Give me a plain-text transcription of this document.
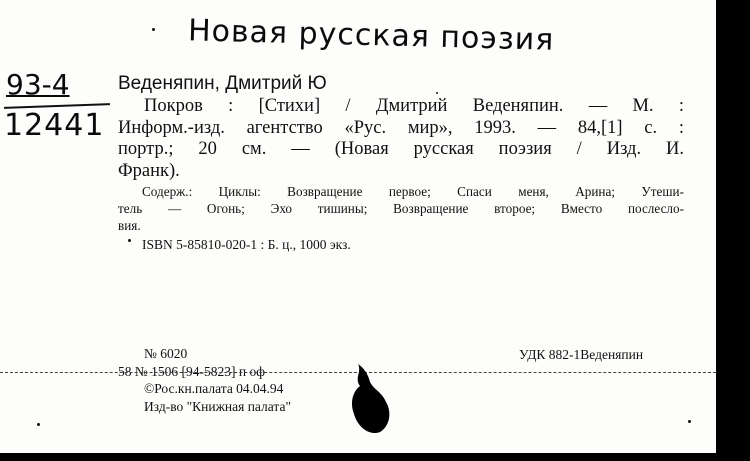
Новая русская поэзия
93-4
12441
Веденяпин, Дмитрий Ю
Покров : [Стихи] / Дмитрий Веденяпин. — М. :
Информ.-изд. агентство «Рус. мир», 1993. — 84,[1] с. :
портр.; 20 см. — (Новая русская поэзия / Изд. И.
Франк).
Содерж.: Циклы: Возвращение первое; Спаси меня, Арина; Утеши-
тель — Огонь; Эхо тишины; Возвращение второе; Вместо послесло-
вия.
ISBN 5-85810-020-1 : Б. ц., 1000 экз.
№ 6020
58 № 1506 [94-5823] п оф
©Рос.кн.палата 04.04.94
Изд-во "Книжная палата"
УДК 882-1Веденяпин
